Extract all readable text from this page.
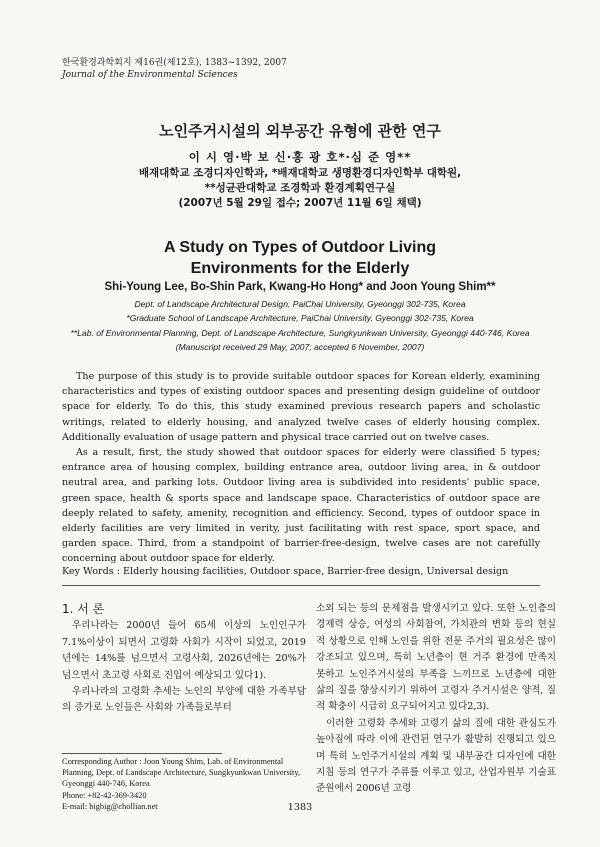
한국환경과학회지 제16권(제12호), 1383~1392, 2007
Journal of the Environmental Sciences
노인주거시설의 외부공간 유형에 관한 연구
이 시 영·박 보 신·홍 광 호*·심 준 영**
배재대학교 조경디자인학과, *배재대학교 생명환경디자인학부 대학원,
**성균관대학교 조경학과 환경계획연구실
(2007년 5월 29일 접수; 2007년 11월 6일 채택)
A Study on Types of Outdoor Living
Environments for the Elderly
Shi-Young Lee, Bo-Shin Park, Kwang-Ho Hong* and Joon Young Shim**
Dept. of Landscape Architectural Design, PaiChai University, Gyeonggi 302-735, Korea
*Graduate School of Landscape Architecture, PaiChai University, Gyeonggi 302-735, Korea
**Lab. of Environmental Planning, Dept. of Landscape Architecture, Sungkyunkwan University, Gyeonggi 440-746, Korea
(Manuscript received 29 May, 2007; accepted 6 November, 2007)

The purpose of this study is to provide suitable outdoor spaces for Korean elderly, examining characteristics and types of existing outdoor spaces and presenting design guideline of outdoor space for elderly. To do this, this study examined previous research papers and scholastic writings, related to elderly housing, and analyzed twelve cases of elderly housing complex. Additionally evaluation of usage pattern and physical trace carried out on twelve cases.

As a result, first, the study showed that outdoor spaces for elderly were classified 5 types; entrance area of housing complex, building entrance area, outdoor living area, in & outdoor neutral area, and parking lots. Outdoor living area is subdivided into residents' public space, green space, health & sports space and landscape space. Characteristics of outdoor space are deeply related to safety, amenity, recognition and efficiency. Second, types of outdoor space in elderly facilities are very limited in verity, just facilitating with rest space, sport space, and garden space. Third, from a standpoint of barrier-free-design, twelve cases are not carefully concerning about outdoor space for elderly.

Key Words : Elderly housing facilities, Outdoor space, Barrier-free design, Universal design
1. 서 론

우리나라는 2000년 들어 65세 이상의 노인인구가 7.1%이상이 되면서 고령화 사회가 시작이 되었고, 2019년에는 14%를 넘으면서 고령사회, 2026년에는 20%가 넘으면서 초고령 사회로 진입이 예상되고 있다1).

우리나라의 고령화 추세는 노인의 부양에 대한 가족부담의 증가로 노인들은 사회와 가족들로부터

소외 되는 등의 문제점을 발생시키고 있다. 또한 노인층의 경제력 상승, 여성의 사회참여, 가치관의 변화 등의 현실적 상황으로 인해 노인을 위한 전문 주거의 필요성은 많이 강조되고 있으며, 특히 노년층이 현 거주 환경에 만족치 못하고 노인주거시설의 부족을 느끼므로 노년층에 대한 삶의 질을 향상시키기 위하여 고령자 주거시설은 양적, 질적 확충이 시급히 요구되어지고 있다2,3).

이러한 고령화 추세와 고령기 삶의 질에 대한 관심도가 높아짐에 따라 이에 관련된 연구가 활발히 진행되고 있으며 특히 노인주거시설의 계획 및 내부공간 디자인에 대한 지침 등의 연구가 주류를 이루고 있고, 산업자원부 기술표준원에서 2006년 고령

Corresponding Author : Joon Young Shim, Lab. of Environmental Planning, Dept. of Landscape Architecture, Sungkyunkwan University, Gyeonggi 440-746, Korea
Phone: +82-42-369-3420
E-mail: bigbig@chollian.net	1383
